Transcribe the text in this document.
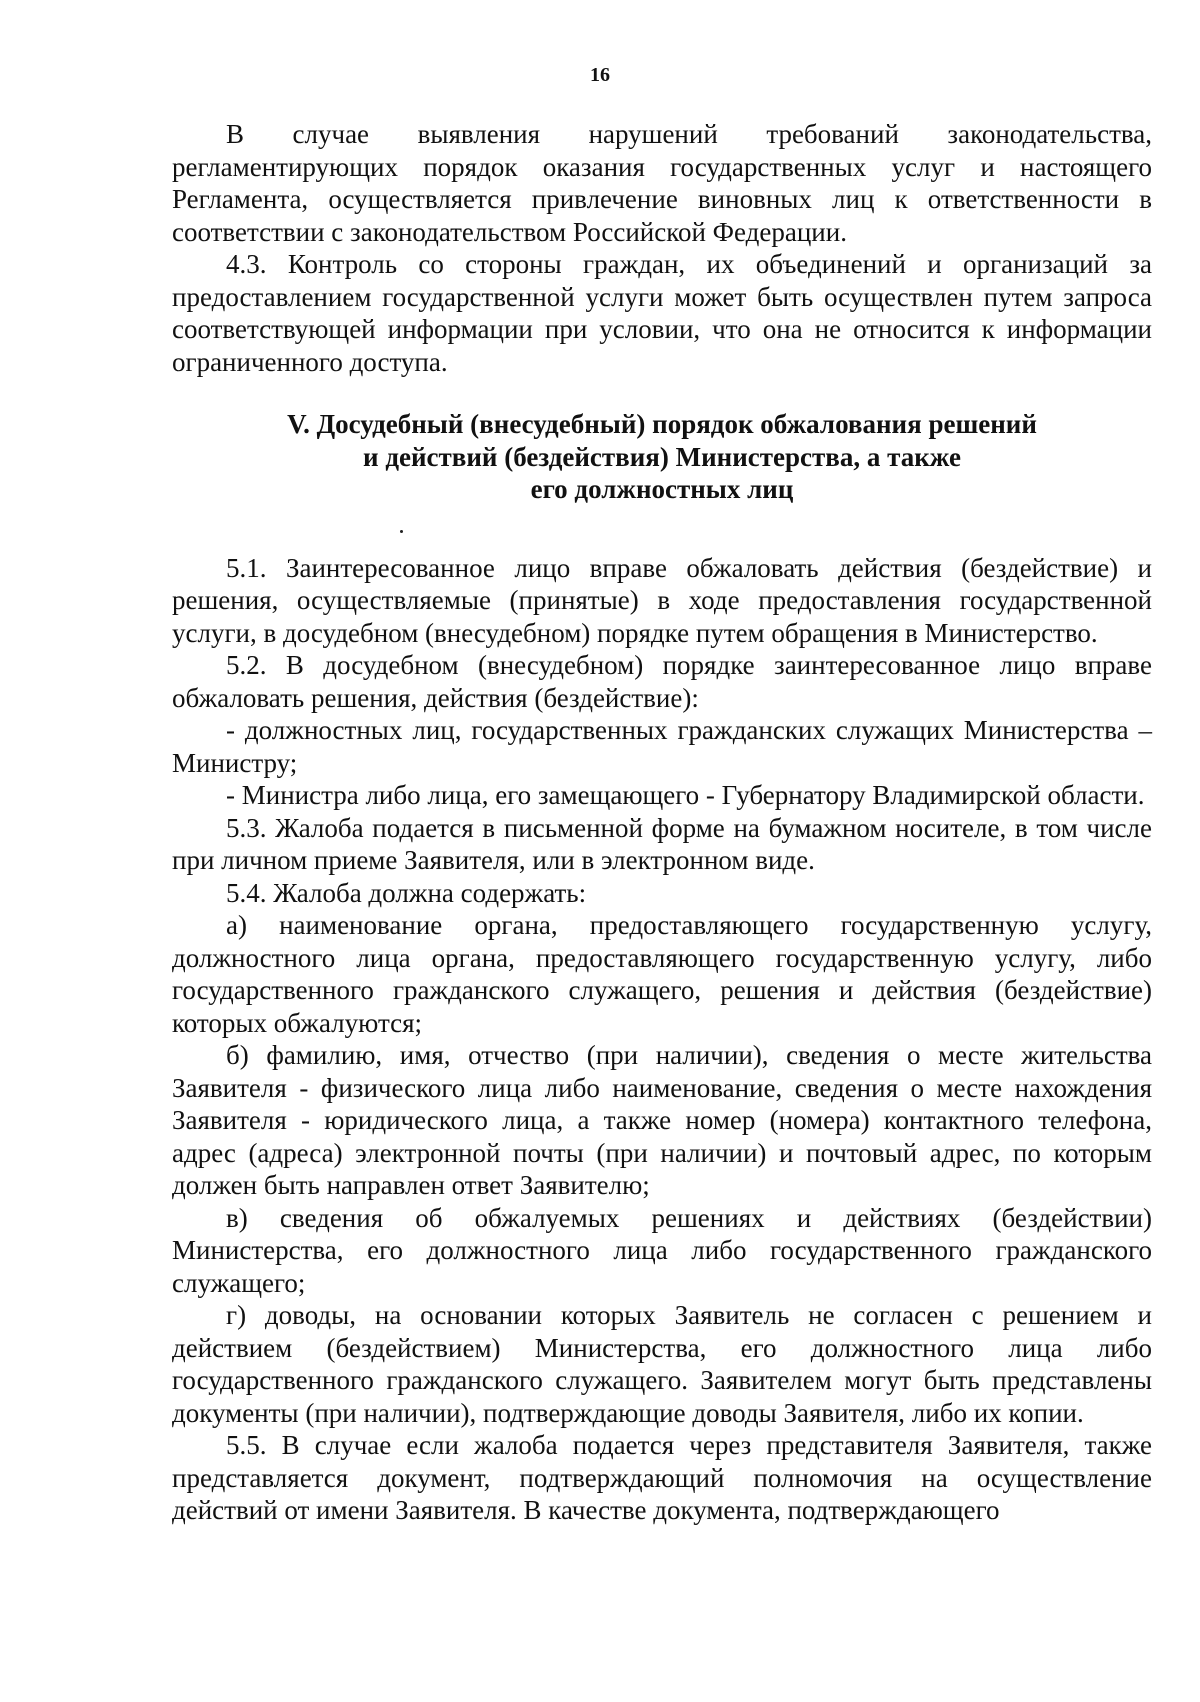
16

В случае выявления нарушений требований законодательства, регламентирующих порядок оказания государственных услуг и настоящего Регламента, осуществляется привлечение виновных лиц к ответственности в соответствии с законодательством Российской Федерации.

4.3. Контроль со стороны граждан, их объединений и организаций за предоставлением государственной услуги может быть осуществлен путем запроса соответствующей информации при условии, что она не относится к информации ограниченного доступа.

V. Досудебный (внесудебный) порядок обжалования решений
и действий (бездействия) Министерства, а также
его должностных лиц

5.1. Заинтересованное лицо вправе обжаловать действия (бездействие) и решения, осуществляемые (принятые) в ходе предоставления государственной услуги, в досудебном (внесудебном) порядке путем обращения в Министерство.

5.2. В досудебном (внесудебном) порядке заинтересованное лицо вправе обжаловать решения, действия (бездействие):

- должностных лиц, государственных гражданских служащих Министерства – Министру;

- Министра либо лица, его замещающего - Губернатору Владимирской области.

5.3. Жалоба подается в письменной форме на бумажном носителе, в том числе при личном приеме Заявителя, или в электронном виде.

5.4. Жалоба должна содержать:

а) наименование органа, предоставляющего государственную услугу, должностного лица органа, предоставляющего государственную услугу, либо государственного гражданского служащего, решения и действия (бездействие) которых обжалуются;

б) фамилию, имя, отчество (при наличии), сведения о месте жительства Заявителя - физического лица либо наименование, сведения о месте нахождения Заявителя - юридического лица, а также номер (номера) контактного телефона, адрес (адреса) электронной почты (при наличии) и почтовый адрес, по которым должен быть направлен ответ Заявителю;

в) сведения об обжалуемых решениях и действиях (бездействии) Министерства, его должностного лица либо государственного гражданского служащего;

г) доводы, на основании которых Заявитель не согласен с решением и действием (бездействием) Министерства, его должностного лица либо государственного гражданского служащего. Заявителем могут быть представлены документы (при наличии), подтверждающие доводы Заявителя, либо их копии.

5.5. В случае если жалоба подается через представителя Заявителя, также представляется документ, подтверждающий полномочия на осуществление действий от имени Заявителя. В качестве документа, подтверждающего
